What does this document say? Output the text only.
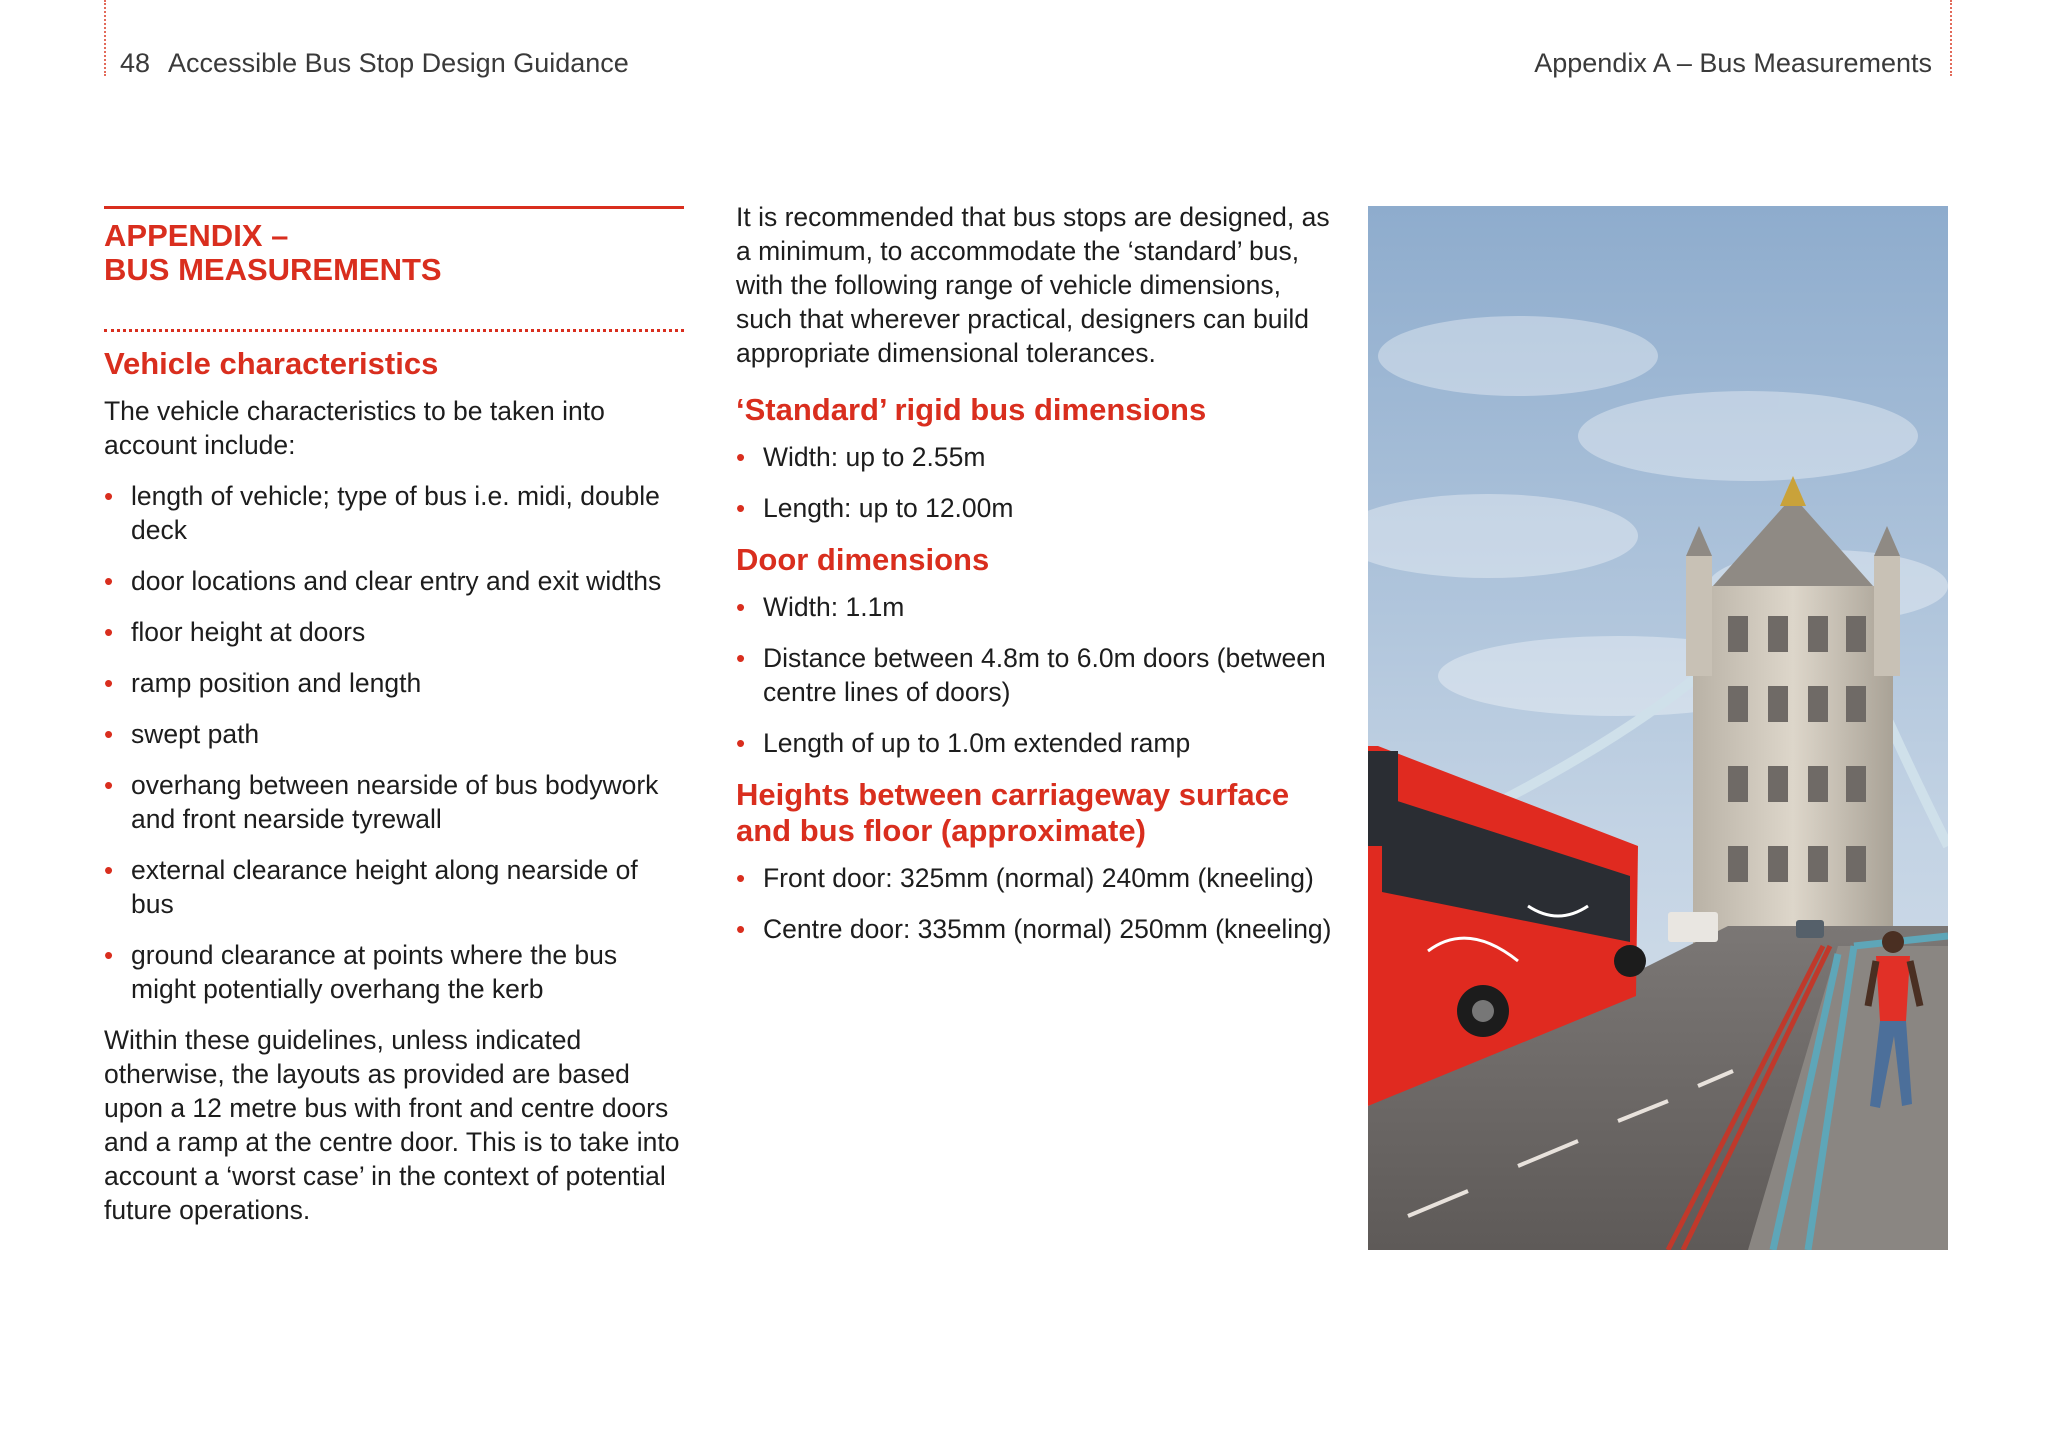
48 Accessible Bus Stop Design Guidance	Appendix A – Bus Measurements
APPENDIX –
BUS MEASUREMENTS
Vehicle characteristics

The vehicle characteristics to be taken into account include:

• length of vehicle; type of bus i.e. midi, double deck
• door locations and clear entry and exit widths
• floor height at doors
• ramp position and length
• swept path
• overhang between nearside of bus bodywork and front nearside tyrewall
• external clearance height along nearside of bus
• ground clearance at points where the bus might potentially overhang the kerb

Within these guidelines, unless indicated otherwise, the layouts as provided are based upon a 12 metre bus with front and centre doors and a ramp at the centre door. This is to take into account a ‘worst case’ in the context of potential future operations.

It is recommended that bus stops are designed, as a minimum, to accommodate the ‘standard’ bus, with the following range of vehicle dimensions, such that wherever practical, designers can build appropriate dimensional tolerances.

‘Standard’ rigid bus dimensions
• Width: up to 2.55m
• Length: up to 12.00m
Door dimensions
• Width: 1.1m
• Distance between 4.8m to 6.0m doors (between centre lines of doors)
• Length of up to 1.0m extended ramp
Heights between carriageway surface and bus floor (approximate)
• Front door: 325mm (normal) 240mm (kneeling)
• Centre door: 335mm (normal) 250mm (kneeling)
